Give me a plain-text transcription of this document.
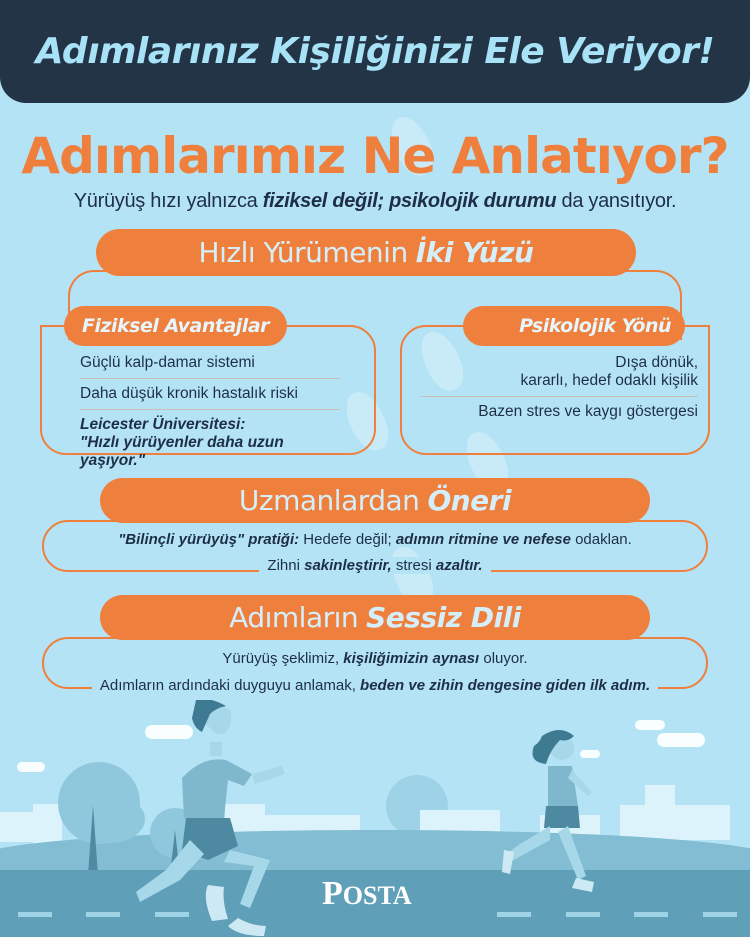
Adımlarınız Kişiliğinizi Ele Veriyor!
Adımlarımız Ne Anlatıyor?
Yürüyüş hızı yalnızca fiziksel değil; psikolojik durumu da yansıtıyor.
Hızlı Yürümenin İki Yüzü
Fiziksel Avantajlar
Güçlü kalp-damar sistemi
Daha düşük kronik hastalık riski
Leicester Üniversitesi:
"Hızlı yürüyenler daha uzun yaşıyor."
Psikolojik Yönü
Dışa dönük,
kararlı, hedef odaklı kişilik
Bazen stres ve kaygı göstergesi
Uzmanlardan Öneri
"Bilinçli yürüyüş" pratiği: Hedefe değil; adımın ritmine ve nefese odaklan.
Zihni sakinleştirir, stresi azaltır.
Adımların Sessiz Dili
Yürüyüş şeklimiz, kişiliğimizin aynası oluyor.
Adımların ardındaki duyguyu anlamak, beden ve zihin dengesine giden ilk adım.
POSTA
